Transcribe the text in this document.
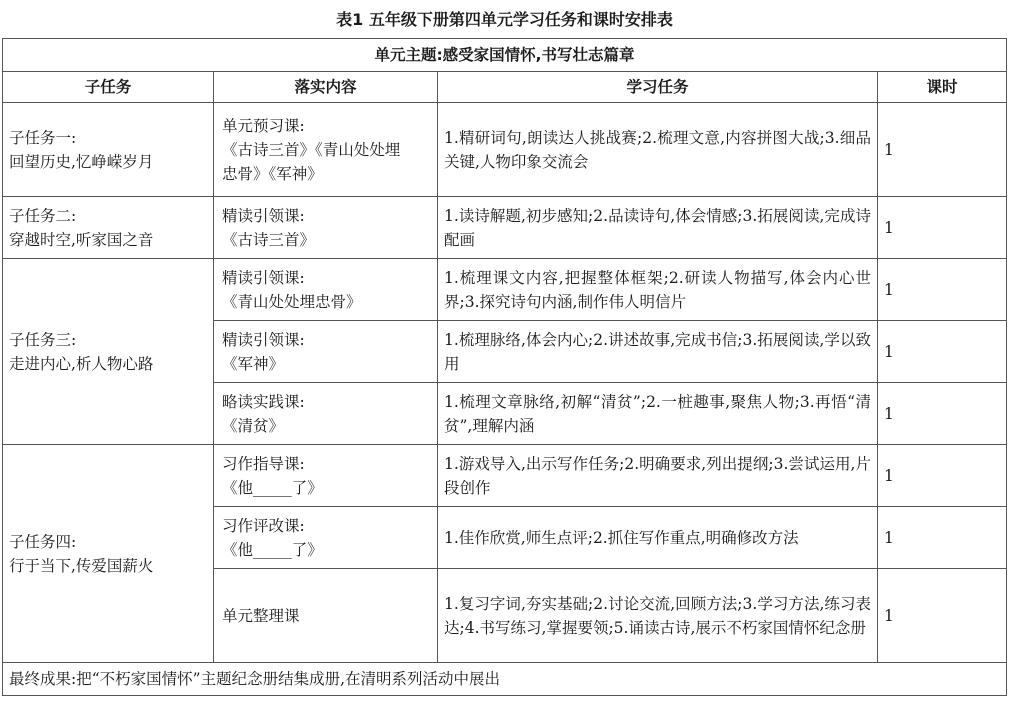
表1 五年级下册第四单元学习任务和课时安排表
单元主题:感受家国情怀,书写壮志篇章			
子任务	落实内容	学习任务	课时

子任务一:
回望历史,忆峥嵘岁月	单元预习课:
《古诗三首》《青山处处埋
忠骨》《军神》	1.精研词句,朗读达人挑战赛;2.梳理文意,内容拼图大战;3.细品关键,人物印象交流会	1

子任务二:
穿越时空,听家国之音	精读引领课:
《古诗三首》	1.读诗解题,初步感知;2.品读诗句,体会情感;3.拓展阅读,完成诗配画	1

子任务三:
走进内心,析人物心路	精读引领课:
《青山处处埋忠骨》	1.梳理课文内容,把握整体框架;2.研读人物描写,体会内心世界;3.探究诗句内涵,制作伟人明信片	1

	精读引领课:
《军神》	1.梳理脉络,体会内心;2.讲述故事,完成书信;3.拓展阅读,学以致用	1

	略读实践课:
《清贫》	1.梳理文章脉络,初解“清贫”;2.一桩趣事,聚焦人物;3.再悟“清贫”,理解内涵	1

子任务四:
行于当下,传爱国薪火	习作指导课:
《他_____了》	1.游戏导入,出示写作任务;2.明确要求,列出提纲;3.尝试运用,片段创作	1

	习作评改课:
《他_____了》	1.佳作欣赏,师生点评;2.抓住写作重点,明确修改方法	1

	单元整理课	1.复习字词,夯实基础;2.讨论交流,回顾方法;3.学习方法,练习表达;4.书写练习,掌握要领;5.诵读古诗,展示不朽家国情怀纪念册	1
最终成果:把“不朽家国情怀”主题纪念册结集成册,在清明系列活动中展出			
